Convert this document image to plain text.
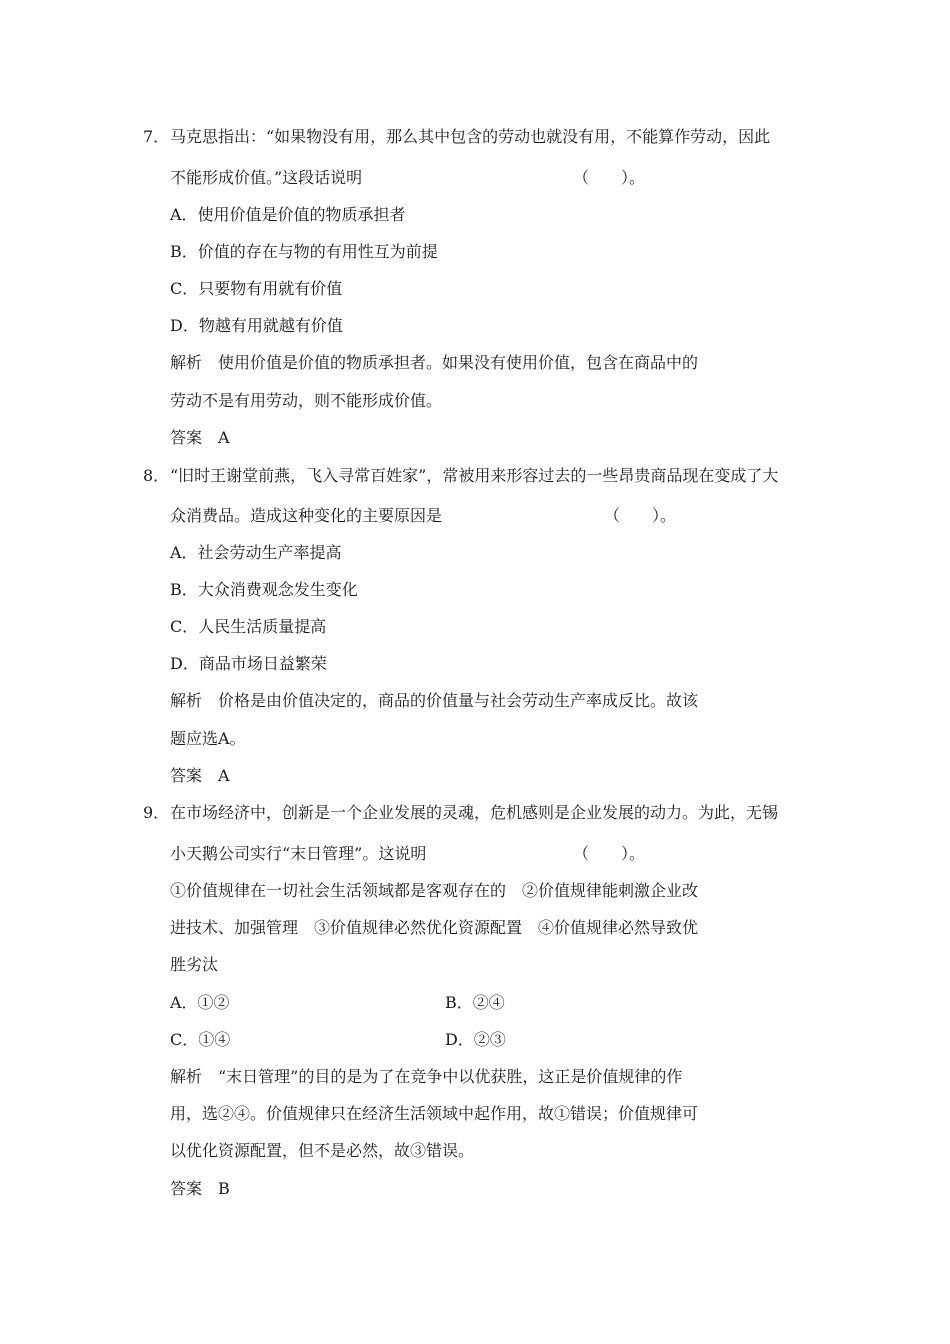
7． 马克思指出：“如果物没有用，那么其中包含的劳动也就没有用，不能算作劳动，因此
不能形成价值。”这段话说明	（　　）。
A．使用价值是价值的物质承担者
B．价值的存在与物的有用性互为前提
C．只要物有用就有价值
D．物越有用就越有价值
解析　使用价值是价值的物质承担者。如果没有使用价值，包含在商品中的
劳动不是有用劳动，则不能形成价值。
答案　A
8． “旧时王谢堂前燕，飞入寻常百姓家”，常被用来形容过去的一些昂贵商品现在变成了大
众消费品。造成这种变化的主要原因是	（　　）。
A．社会劳动生产率提高
B．大众消费观念发生变化
C．人民生活质量提高
D．商品市场日益繁荣
解析　价格是由价值决定的，商品的价值量与社会劳动生产率成反比。故该
题应选A。
答案　A
9． 在市场经济中，创新是一个企业发展的灵魂，危机感则是企业发展的动力。为此，无锡
小天鹅公司实行“末日管理”。这说明	（　　）。
①价值规律在一切社会生活领域都是客观存在的　②价值规律能刺激企业改
进技术、加强管理　③价值规律必然优化资源配置　④价值规律必然导致优
胜劣汰
A．①②	B．②④
C．①④	D．②③
解析　“末日管理”的目的是为了在竞争中以优获胜，这正是价值规律的作
用，选②④。价值规律只在经济生活领域中起作用，故①错误；价值规律可
以优化资源配置，但不是必然，故③错误。
答案　B
